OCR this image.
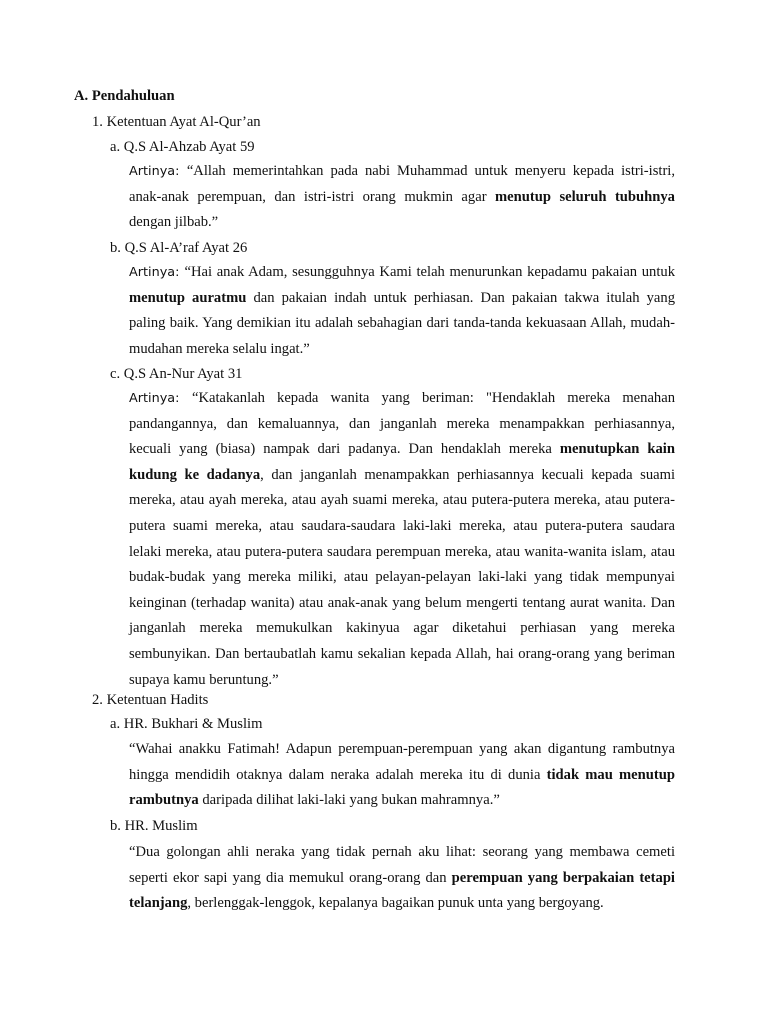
A. Pendahuluan
1. Ketentuan Ayat Al-Qur’an
a. Q.S Al-Ahzab Ayat 59
Artinya: “Allah memerintahkan pada nabi Muhammad untuk menyeru kepada istri-istri, anak-anak perempuan, dan istri-istri orang mukmin agar menutup seluruh tubuhnya dengan jilbab.”
b. Q.S Al-A’raf Ayat 26
Artinya: “Hai anak Adam, sesungguhnya Kami telah menurunkan kepadamu pakaian untuk menutup auratmu dan pakaian indah untuk perhiasan. Dan pakaian takwa itulah yang paling baik. Yang demikian itu adalah sebahagian dari tanda-tanda kekuasaan Allah, mudah-mudahan mereka selalu ingat.”
c. Q.S An-Nur Ayat 31
Artinya: “Katakanlah kepada wanita yang beriman: "Hendaklah mereka menahan pandangannya, dan kemaluannya, dan janganlah mereka menampakkan perhiasannya, kecuali yang (biasa) nampak dari padanya. Dan hendaklah mereka menutupkan kain kudung ke dadanya, dan janganlah menampakkan perhiasannya kecuali kepada suami mereka, atau ayah mereka, atau ayah suami mereka, atau putera-putera mereka, atau putera-putera suami mereka, atau saudara-saudara laki-laki mereka, atau putera-putera saudara lelaki mereka, atau putera-putera saudara perempuan mereka, atau wanita-wanita islam, atau budak-budak yang mereka miliki, atau pelayan-pelayan laki-laki yang tidak mempunyai keinginan (terhadap wanita) atau anak-anak yang belum mengerti tentang aurat wanita. Dan janganlah mereka memukulkan kakinyua agar diketahui perhiasan yang mereka sembunyikan. Dan bertaubatlah kamu sekalian kepada Allah, hai orang-orang yang beriman supaya kamu beruntung.”
2. Ketentuan Hadits
a. HR. Bukhari & Muslim
“Wahai anakku Fatimah! Adapun perempuan-perempuan yang akan digantung rambutnya hingga mendidih otaknya dalam neraka adalah mereka itu di dunia tidak mau menutup rambutnya daripada dilihat laki-laki yang bukan mahramnya.”
b. HR. Muslim
“Dua golongan ahli neraka yang tidak pernah aku lihat: seorang yang membawa cemeti seperti ekor sapi yang dia memukul orang-orang dan perempuan yang berpakaian tetapi telanjang, berlenggak-lenggok, kepalanya bagaikan punuk unta yang bergoyang.
